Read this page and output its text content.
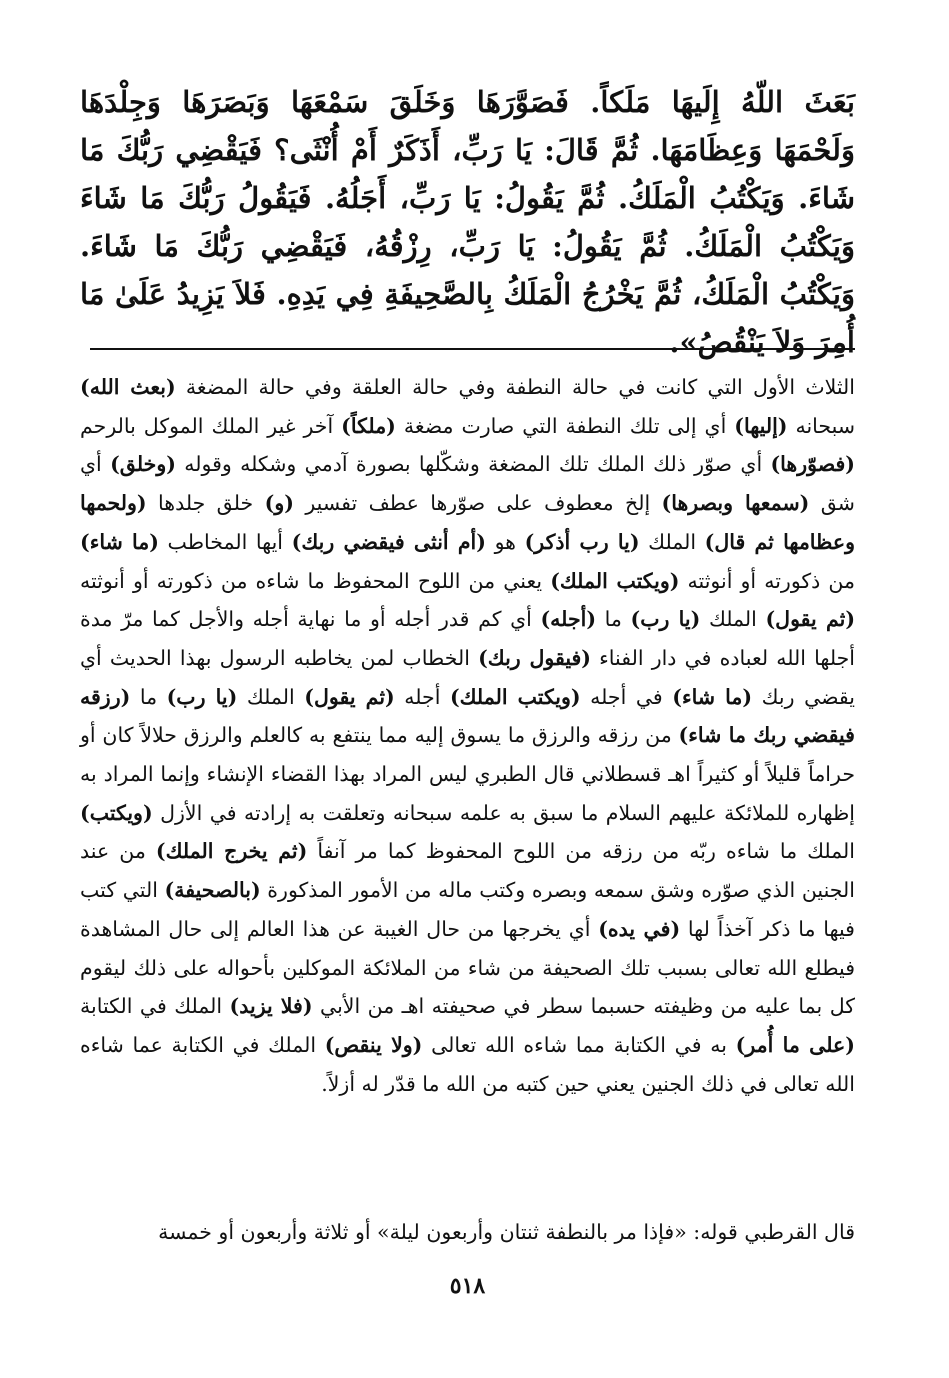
بَعَثَ اللّهُ إِلَيهَا مَلَكاً. فَصَوَّرَهَا وَخَلَقَ سَمْعَهَا وَبَصَرَهَا وَجِلْدَهَا وَلَحْمَهَا وَعِظَامَهَا. ثُمَّ قَالَ: يَا رَبِّ، أَذَكَرٌ أَمْ أُنْثَى؟ فَيَقْضِي رَبُّكَ مَا شَاءَ. وَيَكْتُبُ الْمَلَكُ. ثُمَّ يَقُولُ: يَا رَبِّ، أَجَلُهُ. فَيَقُولُ رَبُّكَ مَا شَاءَ وَيَكْتُبُ الْمَلَكُ. ثُمَّ يَقُولُ: يَا رَبِّ، رِزْقُهُ، فَيَقْضِي رَبُّكَ مَا شَاءَ. وَيَكْتُبُ الْمَلَكُ، ثُمَّ يَخْرُجُ الْمَلَكُ بِالصَّحِيفَةِ فِي يَدِهِ. فَلاَ يَزِيدُ عَلَىٰ مَا أُمِرَ وَلاَ يَنْقُصُ».

الثلاث الأول التي كانت في حالة النطفة وفي حالة العلقة وفي حالة المضغة (بعث الله) سبحانه (إليها) أي إلى تلك النطفة التي صارت مضغة (ملكاً) آخر غير الملك الموكل بالرحم (فصوّرها) أي صوّر ذلك الملك تلك المضغة وشكّلها بصورة آدمي وشكله وقوله (وخلق) أي شق (سمعها وبصرها) إلخ معطوف على صوّرها عطف تفسير (و) خلق جلدها (ولحمها وعظامها ثم قال) الملك (يا رب أذكر) هو (أم أنثى فيقضي ربك) أيها المخاطب (ما شاء) من ذكورته أو أنوثته (ويكتب الملك) يعني من اللوح المحفوظ ما شاءه من ذكورته أو أنوثته (ثم يقول) الملك (يا رب) ما (أجله) أي كم قدر أجله أو ما نهاية أجله والأجل كما مرّ مدة أجلها الله لعباده في دار الفناء (فيقول ربك) الخطاب لمن يخاطبه الرسول بهذا الحديث أي يقضي ربك (ما شاء) في أجله (ويكتب الملك) أجله (ثم يقول) الملك (يا رب) ما (رزقه فيقضي ربك ما شاء) من رزقه والرزق ما يسوق إليه مما ينتفع به كالعلم والرزق حلالاً كان أو حراماً قليلاً أو كثيراً اهـ قسطلاني قال الطبري ليس المراد بهذا القضاء الإنشاء وإنما المراد به إظهاره للملائكة عليهم السلام ما سبق به علمه سبحانه وتعلقت به إرادته في الأزل (ويكتب) الملك ما شاءه ربّه من رزقه من اللوح المحفوظ كما مر آنفاً (ثم يخرج الملك) من عند الجنين الذي صوّره وشق سمعه وبصره وكتب ماله من الأمور المذكورة (بالصحيفة) التي كتب فيها ما ذكر آخذاً لها (في يده) أي يخرجها من حال الغيبة عن هذا العالم إلى حال المشاهدة فيطلع الله تعالى بسبب تلك الصحيفة من شاء من الملائكة الموكلين بأحواله على ذلك ليقوم كل بما عليه من وظيفته حسبما سطر في صحيفته اهـ من الأبي (فلا يزيد) الملك في الكتابة (على ما أُمر) به في الكتابة مما شاءه الله تعالى (ولا ينقص) الملك في الكتابة عما شاءه الله تعالى في ذلك الجنين يعني حين كتبه من الله ما قدّر له أزلاً.

قال القرطبي قوله: «فإذا مر بالنطفة ثنتان وأربعون ليلة» أو ثلاثة وأربعون أو خمسة

٥١٨
